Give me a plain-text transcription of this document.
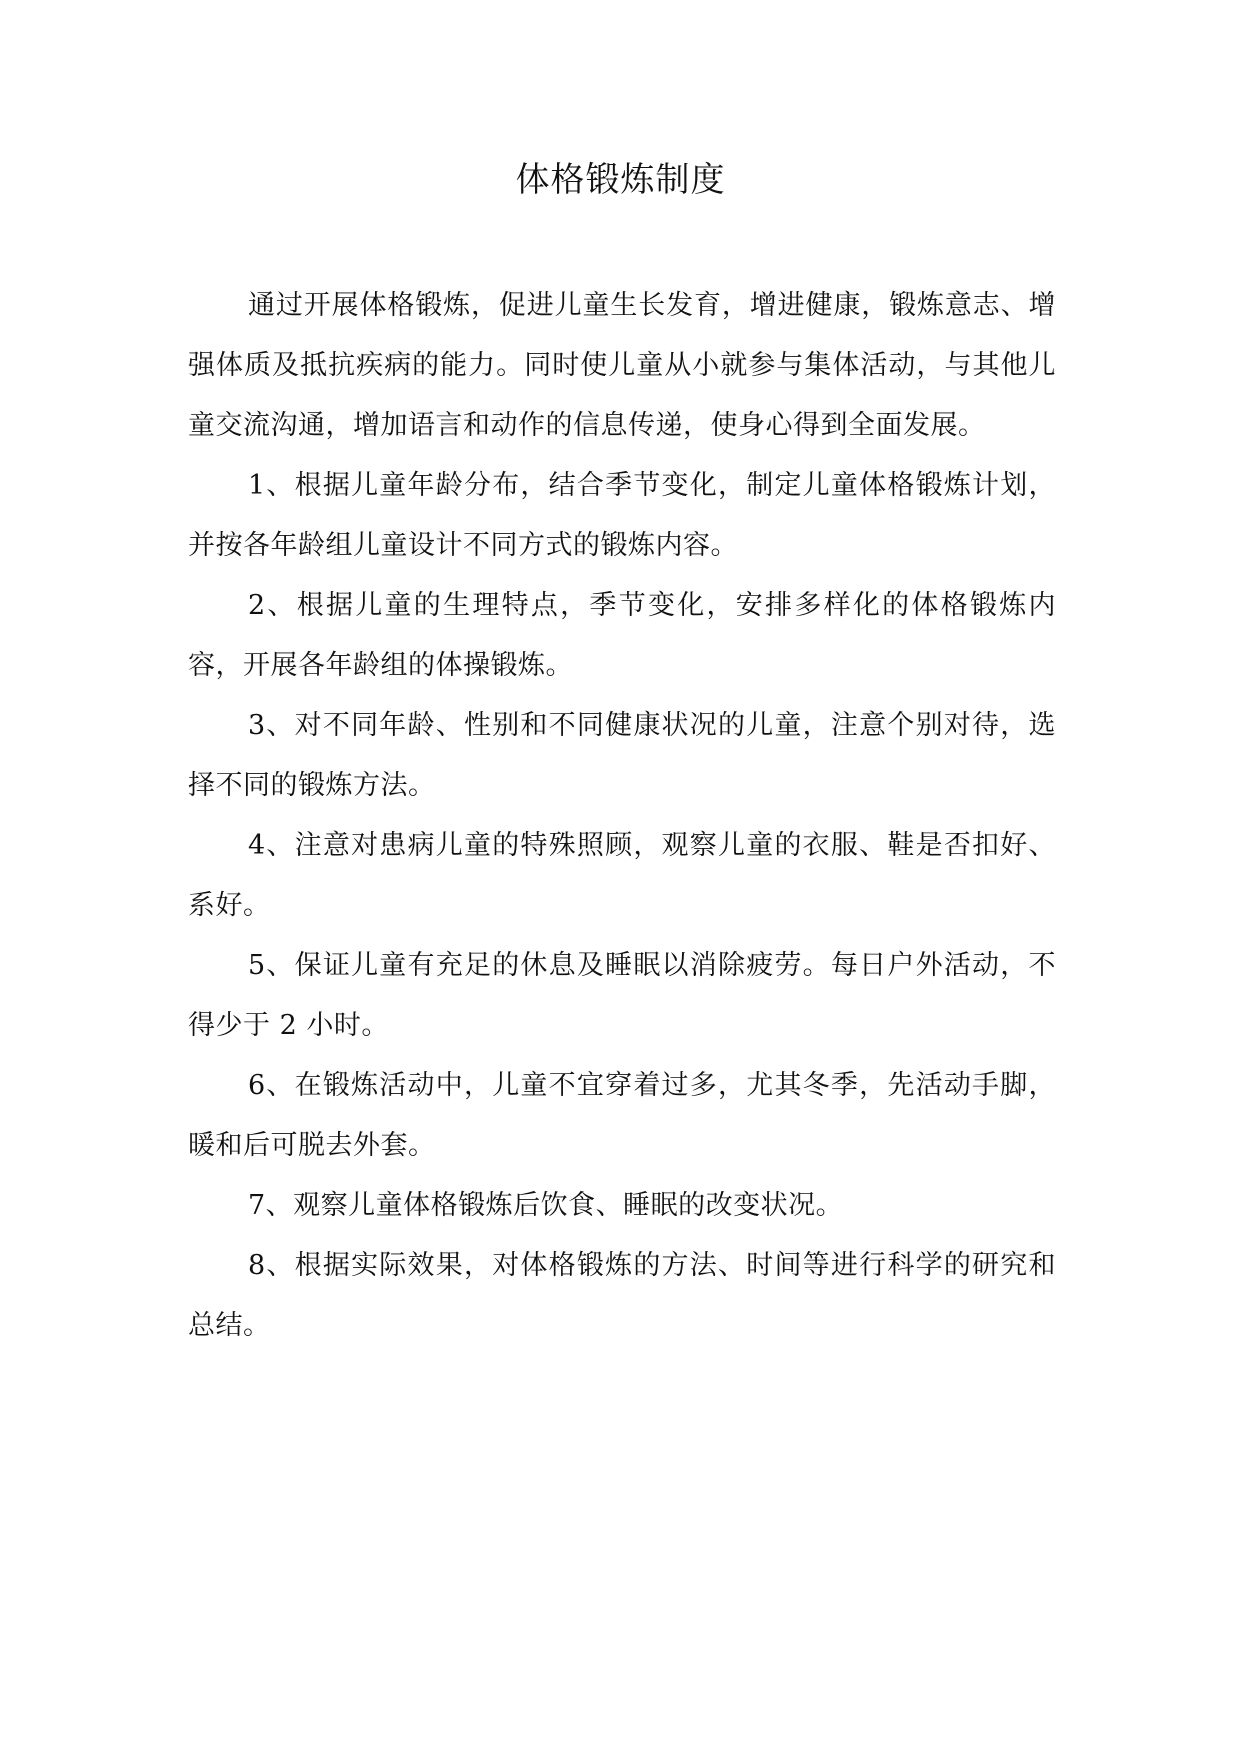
体格锻炼制度

通过开展体格锻炼，促进儿童生长发育，增进健康，锻炼意志、增强体质及抵抗疾病的能力。同时使儿童从小就参与集体活动，与其他儿童交流沟通，增加语言和动作的信息传递，使身心得到全面发展。

1、根据儿童年龄分布，结合季节变化，制定儿童体格锻炼计划，并按各年龄组儿童设计不同方式的锻炼内容。

2、根据儿童的生理特点，季节变化，安排多样化的体格锻炼内容，开展各年龄组的体操锻炼。

3、对不同年龄、性别和不同健康状况的儿童，注意个别对待，选择不同的锻炼方法。

4、注意对患病儿童的特殊照顾，观察儿童的衣服、鞋是否扣好、系好。

5、保证儿童有充足的休息及睡眠以消除疲劳。每日户外活动，不得少于 2 小时。

6、在锻炼活动中，儿童不宜穿着过多，尤其冬季，先活动手脚，暖和后可脱去外套。

7、观察儿童体格锻炼后饮食、睡眠的改变状况。

8、根据实际效果，对体格锻炼的方法、时间等进行科学的研究和总结。
